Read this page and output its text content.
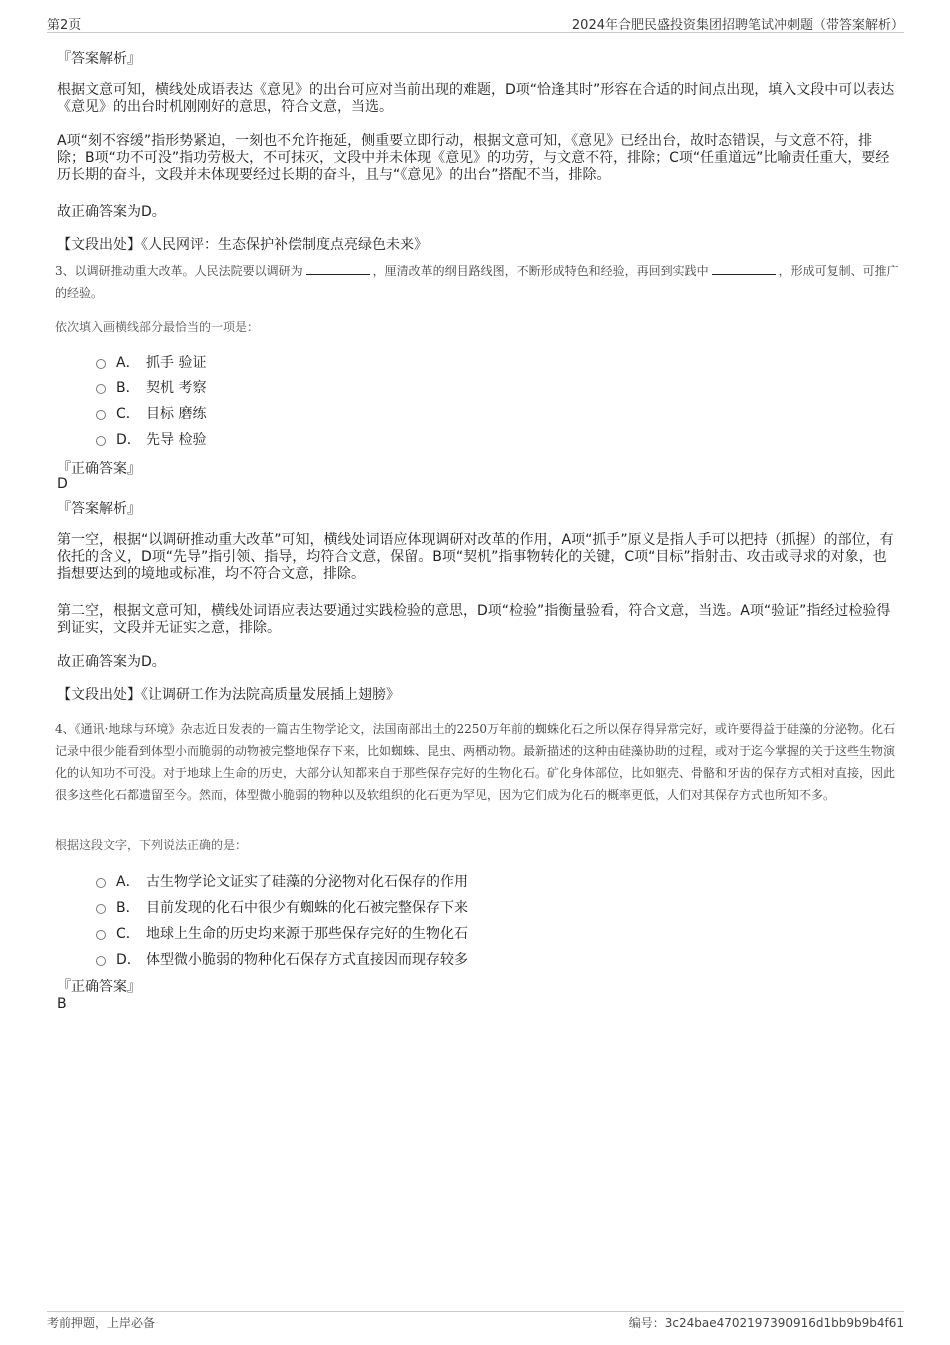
第2页	2024年合肥民盛投资集团招聘笔试冲刺题（带答案解析）
『答案解析』
根据文意可知，横线处成语表达《意见》的出台可应对当前出现的难题，D项“恰逢其时”形容在合适的时间点出现，填入文段中可以表达《意见》的出台时机刚刚好的意思，符合文意，当选。
A项“刻不容缓”指形势紧迫，一刻也不允许拖延，侧重要立即行动，根据文意可知，《意见》已经出台，故时态错误，与文意不符，排除；B项“功不可没”指功劳极大，不可抹灭，文段中并未体现《意见》的功劳，与文意不符，排除；C项“任重道远”比喻责任重大，要经历长期的奋斗，文段并未体现要经过长期的奋斗，且与“《意见》的出台”搭配不当，排除。
故正确答案为D。
【文段出处】《人民网评：生态保护补偿制度点亮绿色未来》
3、以调研推动重大改革。人民法院要以调研为	，厘清改革的纲目路线图，不断形成特色和经验，再回到实践中	，形成可复制、可推广的经验。
依次填入画横线部分最恰当的一项是：
A． 抓手 验证
B． 契机 考察
C． 目标 磨练
D． 先导 检验
『正确答案』
D
『答案解析』
第一空，根据“以调研推动重大改革”可知，横线处词语应体现调研对改革的作用，A项“抓手”原义是指人手可以把持（抓握）的部位，有依托的含义，D项“先导”指引领、指导，均符合文意，保留。B项“契机”指事物转化的关键，C项“目标”指射击、攻击或寻求的对象，也指想要达到的境地或标准，均不符合文意，排除。
第二空，根据文意可知，横线处词语应表达要通过实践检验的意思，D项“检验”指衡量验看，符合文意，当选。A项“验证”指经过检验得到证实，文段并无证实之意，排除。
故正确答案为D。
【文段出处】《让调研工作为法院高质量发展插上翅膀》
4、《通讯·地球与环境》杂志近日发表的一篇古生物学论文，法国南部出土的2250万年前的蜘蛛化石之所以保存得异常完好，或许要得益于硅藻的分泌物。化石记录中很少能看到体型小而脆弱的动物被完整地保存下来，比如蜘蛛、昆虫、两栖动物。最新描述的这种由硅藻协助的过程，或对于迄今掌握的关于这些生物演化的认知功不可没。对于地球上生命的历史，大部分认知都来自于那些保存完好的生物化石。矿化身体部位，比如躯壳、骨骼和牙齿的保存方式相对直接，因此很多这些化石都遗留至今。然而，体型微小脆弱的物种以及软组织的化石更为罕见，因为它们成为化石的概率更低，人们对其保存方式也所知不多。
根据这段文字，下列说法正确的是：
A． 古生物学论文证实了硅藻的分泌物对化石保存的作用
B． 目前发现的化石中很少有蜘蛛的化石被完整保存下来
C． 地球上生命的历史均来源于那些保存完好的生物化石
D． 体型微小脆弱的物种化石保存方式直接因而现存较多
『正确答案』
B
考前押题，上岸必备	编号：3c24bae4702197390916d1bb9b9b4f61
